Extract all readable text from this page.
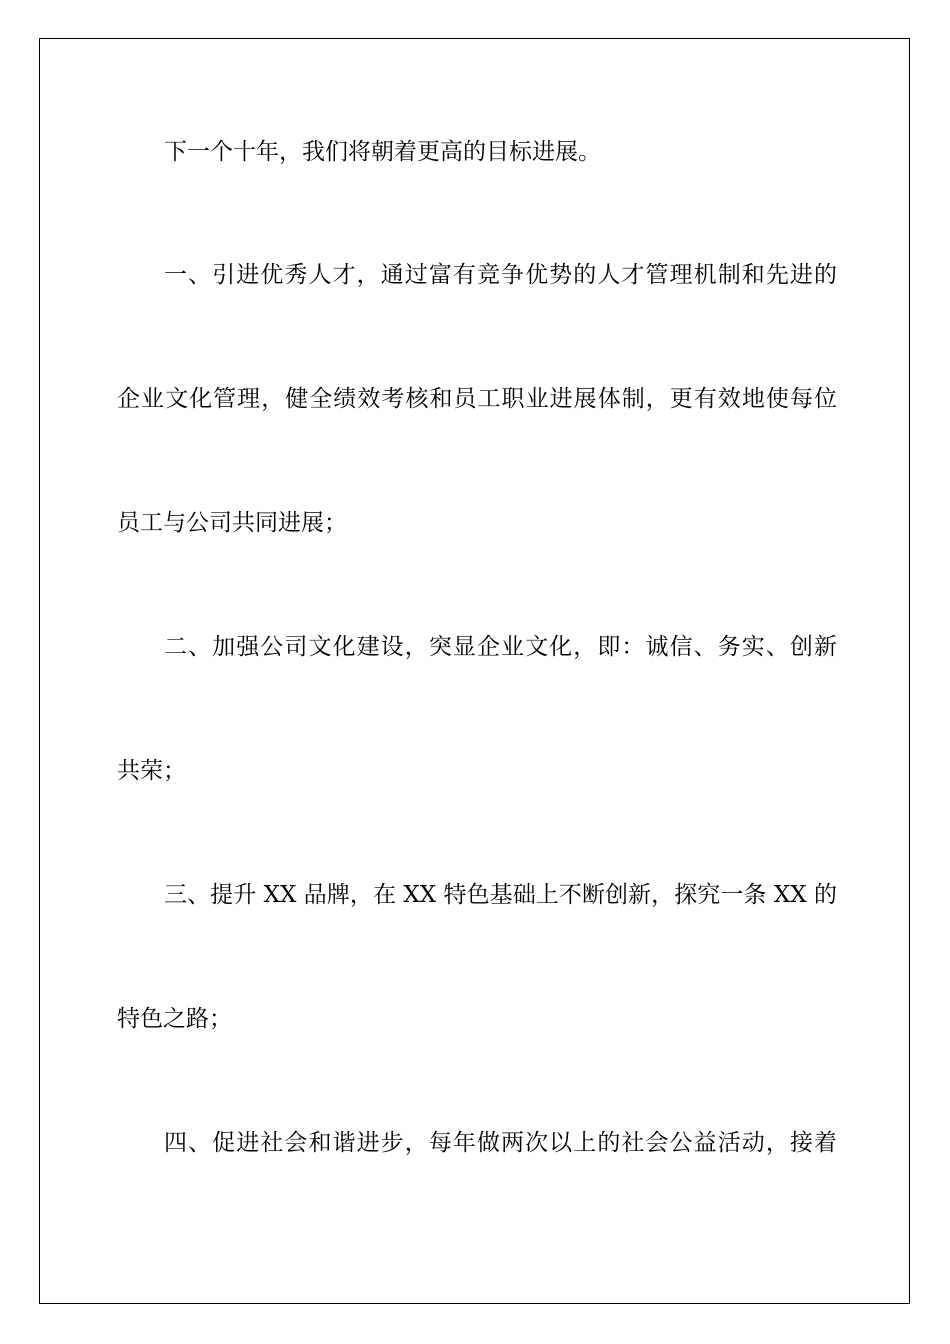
下一个十年，我们将朝着更高的目标进展。
一、引进优秀人才，通过富有竞争优势的人才管理机制和先进的
企业文化管理，健全绩效考核和员工职业进展体制，更有效地使每位
员工与公司共同进展；
二、加强公司文化建设，突显企业文化，即：诚信、务实、创新
共荣；
三、提升 XX 品牌，在 XX 特色基础上不断创新，探究一条 XX 的
特色之路；
四、促进社会和谐进步，每年做两次以上的社会公益活动，接着
